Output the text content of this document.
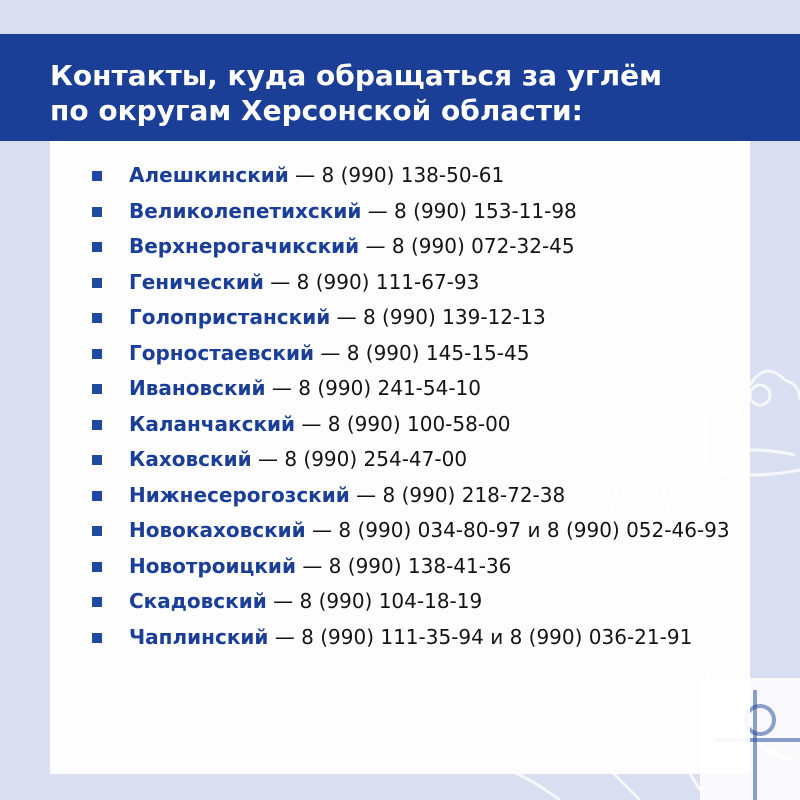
Контакты, куда обращаться за углём
по округам Херсонской области:
Алешкинский — 8 (990) 138-50-61
Великолепетихский — 8 (990) 153-11-98
Верхнерогачикский — 8 (990) 072-32-45
Генический — 8 (990) 111-67-93
Голопристанский — 8 (990) 139-12-13
Горностаевский — 8 (990) 145-15-45
Ивановский — 8 (990) 241-54-10
Каланчакский — 8 (990) 100-58-00
Каховский — 8 (990) 254-47-00
Нижнесерогозский — 8 (990) 218-72-38
Новокаховский — 8 (990) 034-80-97 и 8 (990) 052-46-93
Новотроицкий — 8 (990) 138-41-36
Скадовский — 8 (990) 104-18-19
Чаплинский — 8 (990) 111-35-94 и 8 (990) 036-21-91
